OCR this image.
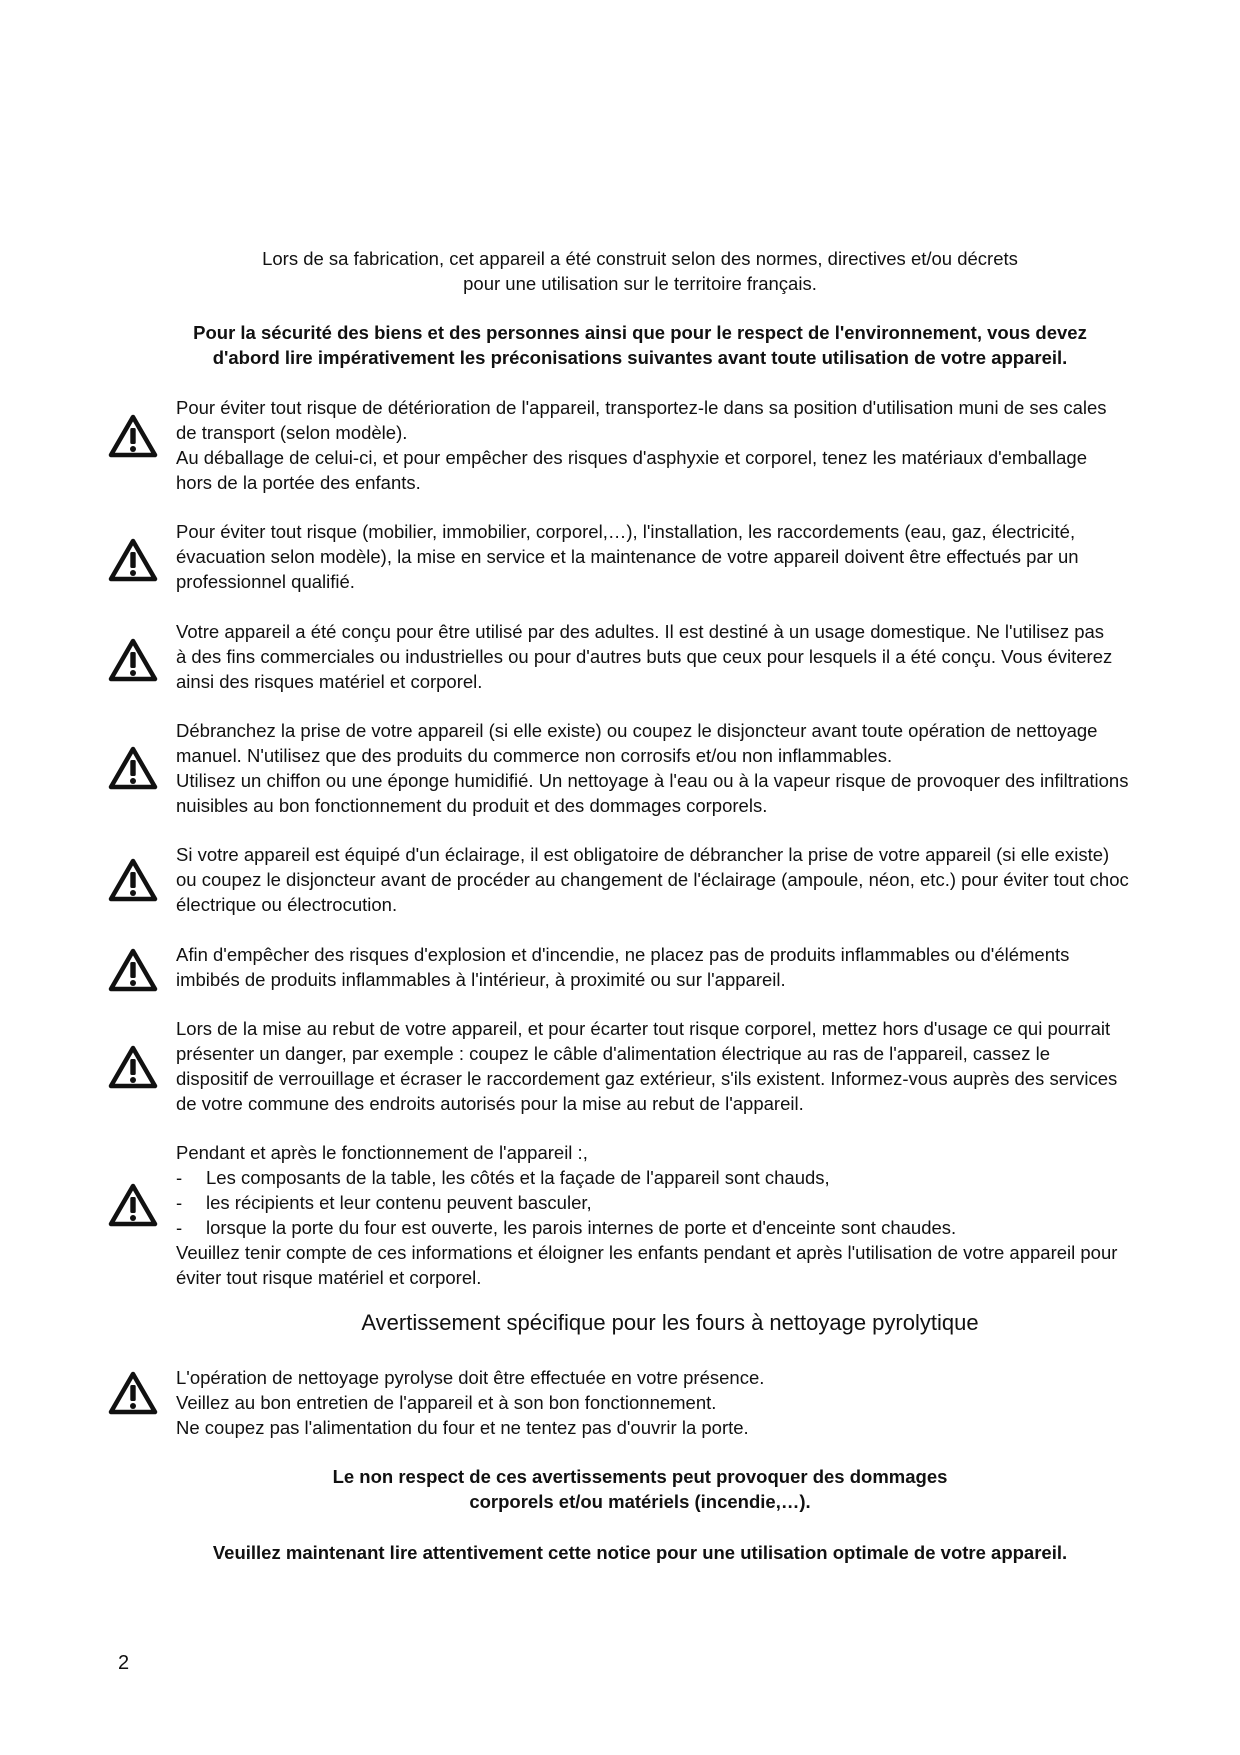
Lors de sa fabrication, cet appareil a été construit selon des normes, directives et/ou décrets
pour une utilisation sur le territoire français.
Pour la sécurité des biens et des personnes ainsi que pour le respect de l'environnement, vous devez
d'abord lire impérativement les préconisations suivantes avant toute utilisation de votre appareil.
Pour éviter tout risque de détérioration de l'appareil, transportez-le dans sa position d'utilisation muni de ses cales
de transport (selon modèle).
Au déballage de celui-ci, et pour empêcher des risques d'asphyxie et corporel, tenez les matériaux d'emballage
hors de la portée des enfants.
Pour éviter tout risque (mobilier, immobilier, corporel,…), l'installation, les raccordements (eau, gaz, électricité,
évacuation selon modèle), la mise en service et la maintenance de votre appareil doivent être effectués par un
professionnel qualifié.
Votre appareil a été conçu pour être utilisé par des adultes. Il est destiné à un usage domestique. Ne l'utilisez pas
à des fins commerciales ou industrielles ou pour d'autres buts que ceux pour lesquels il a été conçu. Vous éviterez
ainsi des risques matériel et corporel.
Débranchez la prise de votre appareil (si elle existe) ou coupez le disjoncteur avant toute opération de nettoyage
manuel. N'utilisez que des produits du commerce non corrosifs et/ou non inflammables.
Utilisez un chiffon ou une éponge humidifié. Un nettoyage à l'eau ou à la vapeur risque de provoquer des infiltrations
nuisibles au bon fonctionnement du produit et des dommages corporels.
Si votre appareil est équipé d'un éclairage, il est obligatoire de débrancher la prise de votre appareil (si elle existe)
ou coupez le disjoncteur avant de procéder au changement de l'éclairage (ampoule, néon, etc.) pour éviter tout choc
électrique ou électrocution.
Afin d'empêcher des risques d'explosion et d'incendie, ne placez pas de produits inflammables ou d'éléments
imbibés de produits inflammables à l'intérieur, à proximité ou sur l'appareil.
Lors de la mise au rebut de votre appareil, et pour écarter tout risque corporel, mettez hors d'usage ce qui pourrait
présenter un danger, par exemple : coupez le câble d'alimentation électrique au ras de l'appareil, cassez le
dispositif de verrouillage et écraser le raccordement gaz extérieur, s'ils existent. Informez-vous auprès des services
de votre commune des endroits autorisés pour la mise au rebut de l'appareil.
Pendant et après le fonctionnement de l'appareil :,
- Les composants de la table, les côtés et la façade de l'appareil sont chauds,
- les récipients et leur contenu peuvent basculer,
- lorsque la porte du four est ouverte, les parois internes de porte et d'enceinte sont chaudes.
Veuillez tenir compte de ces informations et éloigner les enfants pendant et après l'utilisation de votre appareil pour
éviter tout risque matériel et corporel.
Avertissement spécifique pour les fours à nettoyage pyrolytique
L'opération de nettoyage pyrolyse doit être effectuée en votre présence.
Veillez au bon entretien de l'appareil et à son bon fonctionnement.
Ne coupez pas l'alimentation du four et ne tentez pas d'ouvrir la porte.
Le non respect de ces avertissements peut provoquer des dommages
corporels et/ou matériels (incendie,…).
Veuillez maintenant lire attentivement cette notice pour une utilisation optimale de votre appareil.
2
